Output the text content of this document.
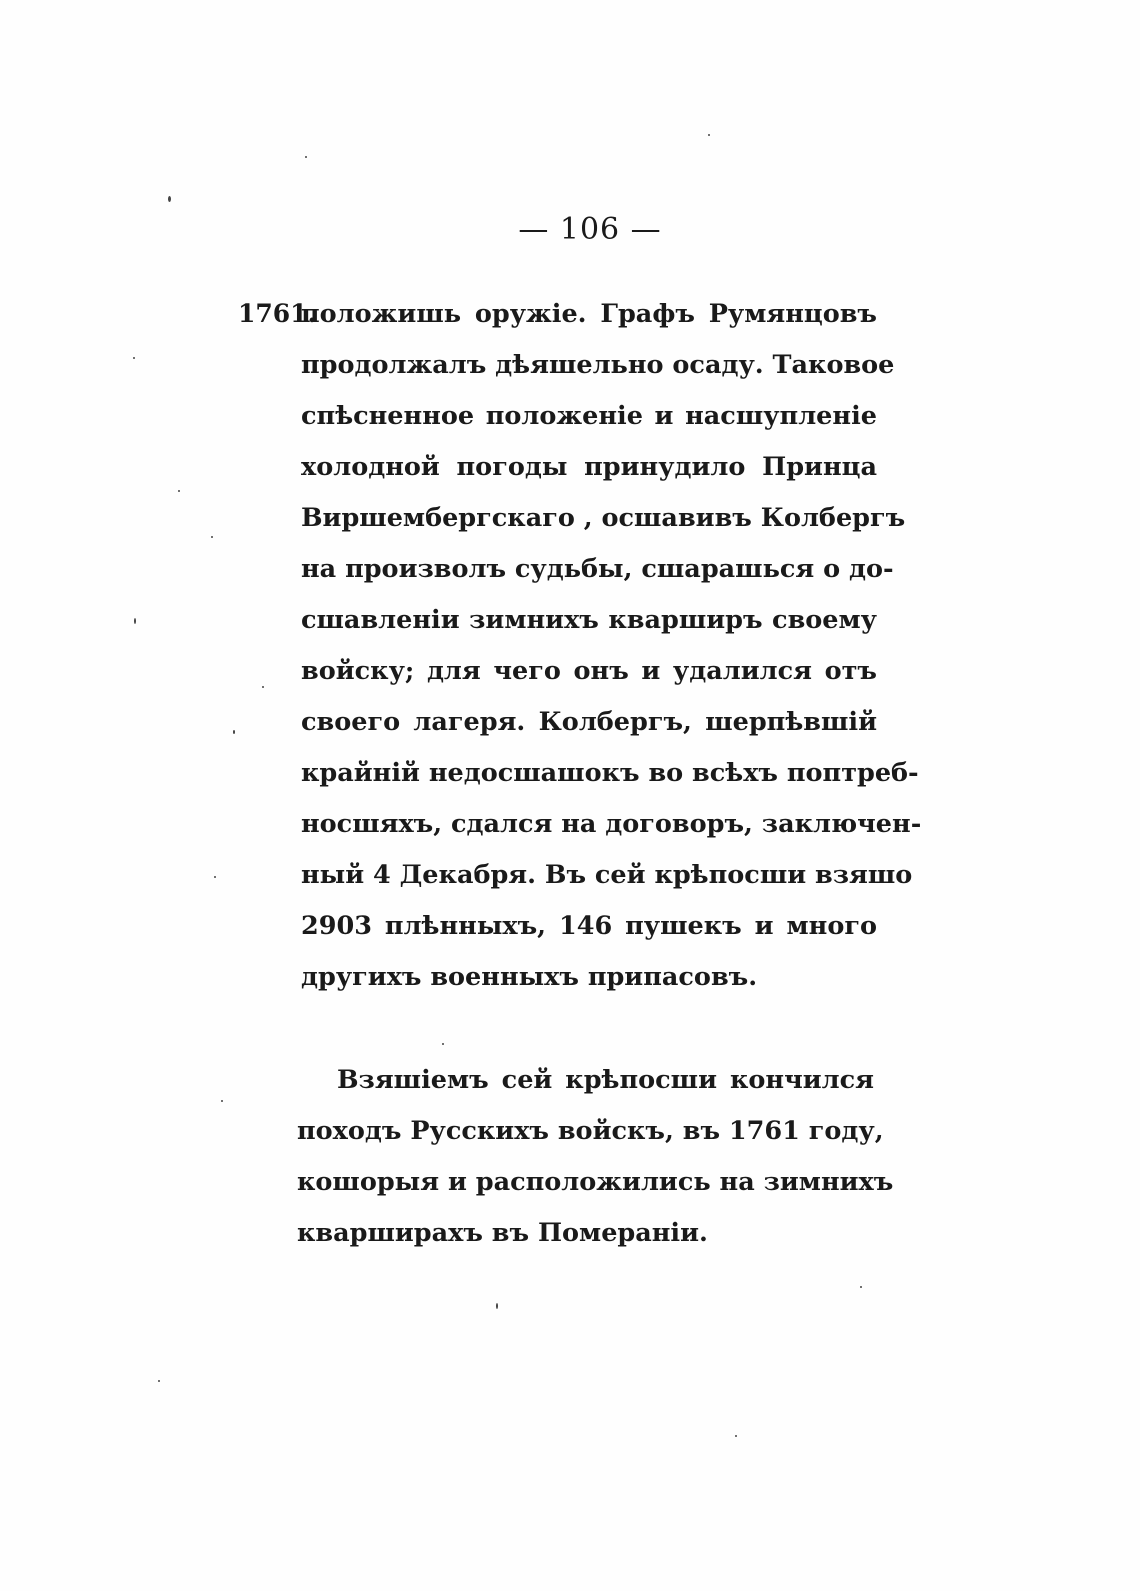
— 106 —
1761.
положишь оружіе. Графъ Румянцовъ
продолжалъ дѣяшельно осаду. Таковое
спѣсненное положеніе и насшупленіе
холодной погоды принудило Принца
Виршембергскаго , осшавивъ Колбергъ
на произволъ судьбы, сшарашься о до-
сшавленіи зимнихъ кварширъ своему
войску; для чего онъ и удалился отъ
своего лагеря. Колбергъ, шерпѣвшій
крайній недосшашокъ во всѣхъ поптреб-
носшяхъ, сдался на договоръ, заключен-
ный 4 Декабря. Въ сей крѣпосши взяшо
2903 плѣнныхъ, 146 пушекъ и много
другихъ военныхъ припасовъ.
Взяшіемъ сей крѣпосши кончился
походъ Русскихъ войскъ, въ 1761 году,
кошорыя и расположились на зимнихъ
кварширахъ въ Помераніи.
